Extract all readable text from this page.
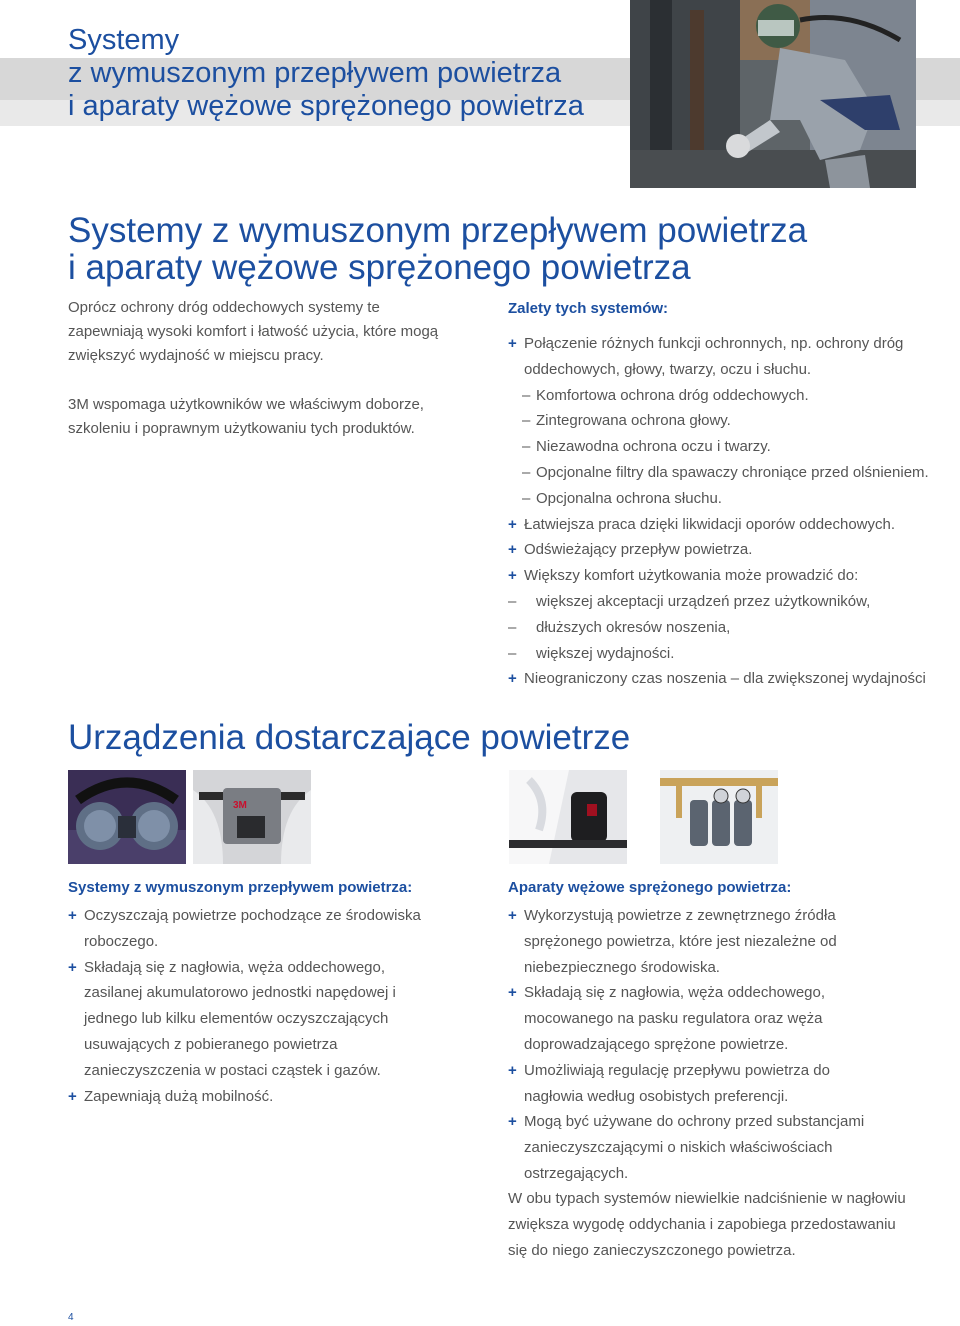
Systemy
z wymuszonym przepływem powietrza
i aparaty wężowe sprężonego powietrza
Systemy z wymuszonym przepływem powietrza
i aparaty wężowe sprężonego powietrza

Oprócz ochrony dróg oddechowych systemy te zapewniają wysoki komfort i łatwość użycia, które mogą zwiększyć wydajność w miejscu pracy.

3M wspomaga użytkowników we właściwym doborze, szkoleniu i poprawnym użytkowaniu tych produktów.

Zalety tych systemów:
+ Połączenie różnych funkcji ochronnych, np. ochrony dróg
oddechowych, głowy, twarzy, oczu i słuchu.
– Komfortowa ochrona dróg oddechowych.
– Zintegrowana ochrona głowy.
– Niezawodna ochrona oczu i twarzy.
– Opcjonalne filtry dla spawaczy chroniące przed olśnieniem.
– Opcjonalna ochrona słuchu.
+ Łatwiejsza praca dzięki likwidacji oporów oddechowych.
+ Odświeżający przepływ powietrza.
+ Większy komfort użytkowania może prowadzić do:
– większej akceptacji urządzeń przez użytkowników,
– dłuższych okresów noszenia,
– większej wydajności.
+ Nieograniczony czas noszenia – dla zwiększonej wydajności
Urządzenia dostarczające powietrze
3M
Systemy z wymuszonym przepływem powietrza:
+ Oczyszczają powietrze pochodzące ze środowiska roboczego.
+ Składają się z nagłowia, węża oddechowego, zasilanej akumulatorowo jednostki napędowej i jednego lub kilku elementów oczyszczających usuwających z pobieranego powietrza zanieczyszczenia w postaci cząstek i gazów.
+ Zapewniają dużą mobilność.
Aparaty wężowe sprężonego powietrza:
+ Wykorzystują powietrze z zewnętrznego źródła sprężonego powietrza, które jest niezależne od niebezpiecznego środowiska.
+ Składają się z nagłowia, węża oddechowego, mocowanego na pasku regulatora oraz węża doprowadzającego sprężone powietrze.
+ Umożliwiają regulację przepływu powietrza do nagłowia według osobistych preferencji.
+ Mogą być używane do ochrony przed substancjami zanieczyszczającymi o niskich właściwościach ostrzegających.
W obu typach systemów niewielkie nadciśnienie w nagłowiu zwiększa wygodę oddychania i zapobiega przedostawaniu się do niego zanieczyszczonego powietrza.
4
